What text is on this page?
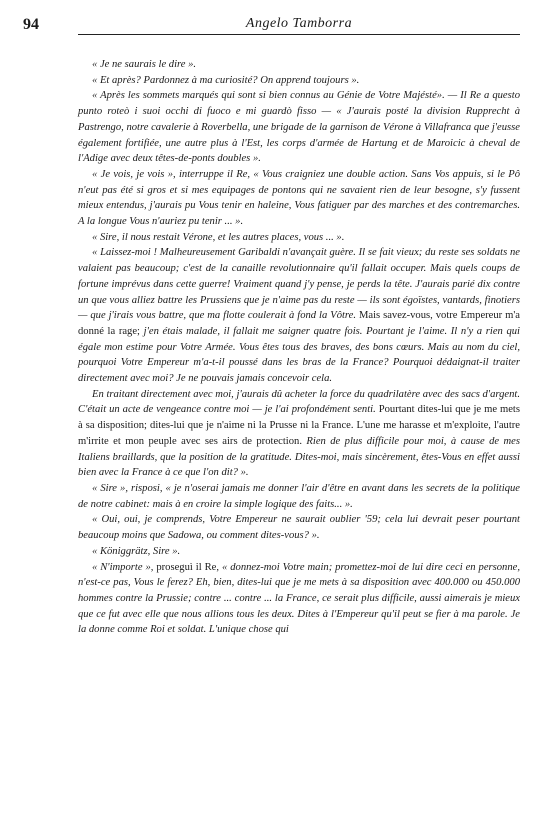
94	Angelo Tamborra

« Je ne saurais le dire ».

« Et après? Pardonnez à ma curiosité? On apprend toujours ».

« Après les sommets marqués qui sont si bien connus au Génie de Votre Majésté». — Il Re a questo punto roteò i suoi occhi di fuoco e mi guardò fisso — « J'aurais posté la division Rupprecht à Pastrengo, notre cavalerie à Roverbella, une brigade de la garnison de Vérone à Villafranca que j'eusse également fortifiée, une autre plus à l'Est, les corps d'armée de Hartung et de Maroicic à cheval de l'Adige avec deux têtes-de-ponts doubles ».

« Je vois, je vois », interruppe il Re, « Vous craigniez une double action. Sans Vos appuis, si le Pô n'eut pas été si gros et si mes equipages de pontons qui ne savaient rien de leur besogne, s'y fussent mieux entendus, j'aurais pu Vous tenir en haleine, Vous fatiguer par des marches et des contremarches. A la longue Vous n'auriez pu tenir ... ».

« Sire, il nous restait Vérone, et les autres places, vous ... ».

« Laissez-moi ! Malheureusement Garibaldi n'avançait guère. Il se fait vieux; du reste ses soldats ne valaient pas beaucoup; c'est de la canaille revolutionnaire qu'il fallait occuper. Mais quels coups de fortune imprévus dans cette guerre! Vraiment quand j'y pense, je perds la tête. J'aurais parié dix contre un que vous alliez battre les Prussiens que je n'aime pas du reste — ils sont égoïstes, vantards, finotiers — que j'irais vous battre, que ma flotte coulerait à fond la Vôtre. Mais savez-vous, votre Empereur m'a donné la rage; j'en étais malade, il fallait me saigner quatre fois. Pourtant je l'aime. Il n'y a rien qui égale mon estime pour Votre Armée. Vous êtes tous des braves, des bons cœurs. Mais au nom du ciel, pourquoi Votre Empereur m'a-t-il poussé dans les bras de la France? Pourquoi dédaignat-il traiter directement avec moi? Je ne pouvais jamais concevoir cela.

En traitant directement avec moi, j'aurais dû acheter la force du quadrilatère avec des sacs d'argent. C'était un acte de vengeance contre moi — je l'ai profondément senti. Pourtant dites-lui que je me mets à sa disposition; dites-lui que je n'aime ni la Prusse ni la France. L'une me harasse et m'exploite, l'autre m'irrite et mon peuple avec ses airs de protection. Rien de plus difficile pour moi, à cause de mes Italiens braillards, que la position de la gratitude. Dites-moi, mais sincèrement, êtes-Vous en effet aussi bien avec la France à ce que l'on dit? ».

« Sire », risposi, « je n'oserai jamais me donner l'air d'être en avant dans les secrets de la politique de notre cabinet: mais à en croire la simple logique des faits... ».

« Oui, oui, je comprends, Votre Empereur ne saurait oublier '59; cela lui devrait peser pourtant beaucoup moins que Sadowa, ou comment dites-vous? ».

« Königgrätz, Sire ».

« N'importe », proseguì il Re, « donnez-moi Votre main; promettez-moi de lui dire ceci en personne, n'est-ce pas, Vous le ferez? Eh, bien, dites-lui que je me mets à sa disposition avec 400.000 ou 450.000 hommes contre la Prussie; contre ... contre ... la France, ce serait plus difficile, aussi aimerais je mieux que ce fut avec elle que nous allions tous les deux. Dites à l'Empereur qu'il peut se fier à ma parole. Je la donne comme Roi et soldat. L'unique chose qui
